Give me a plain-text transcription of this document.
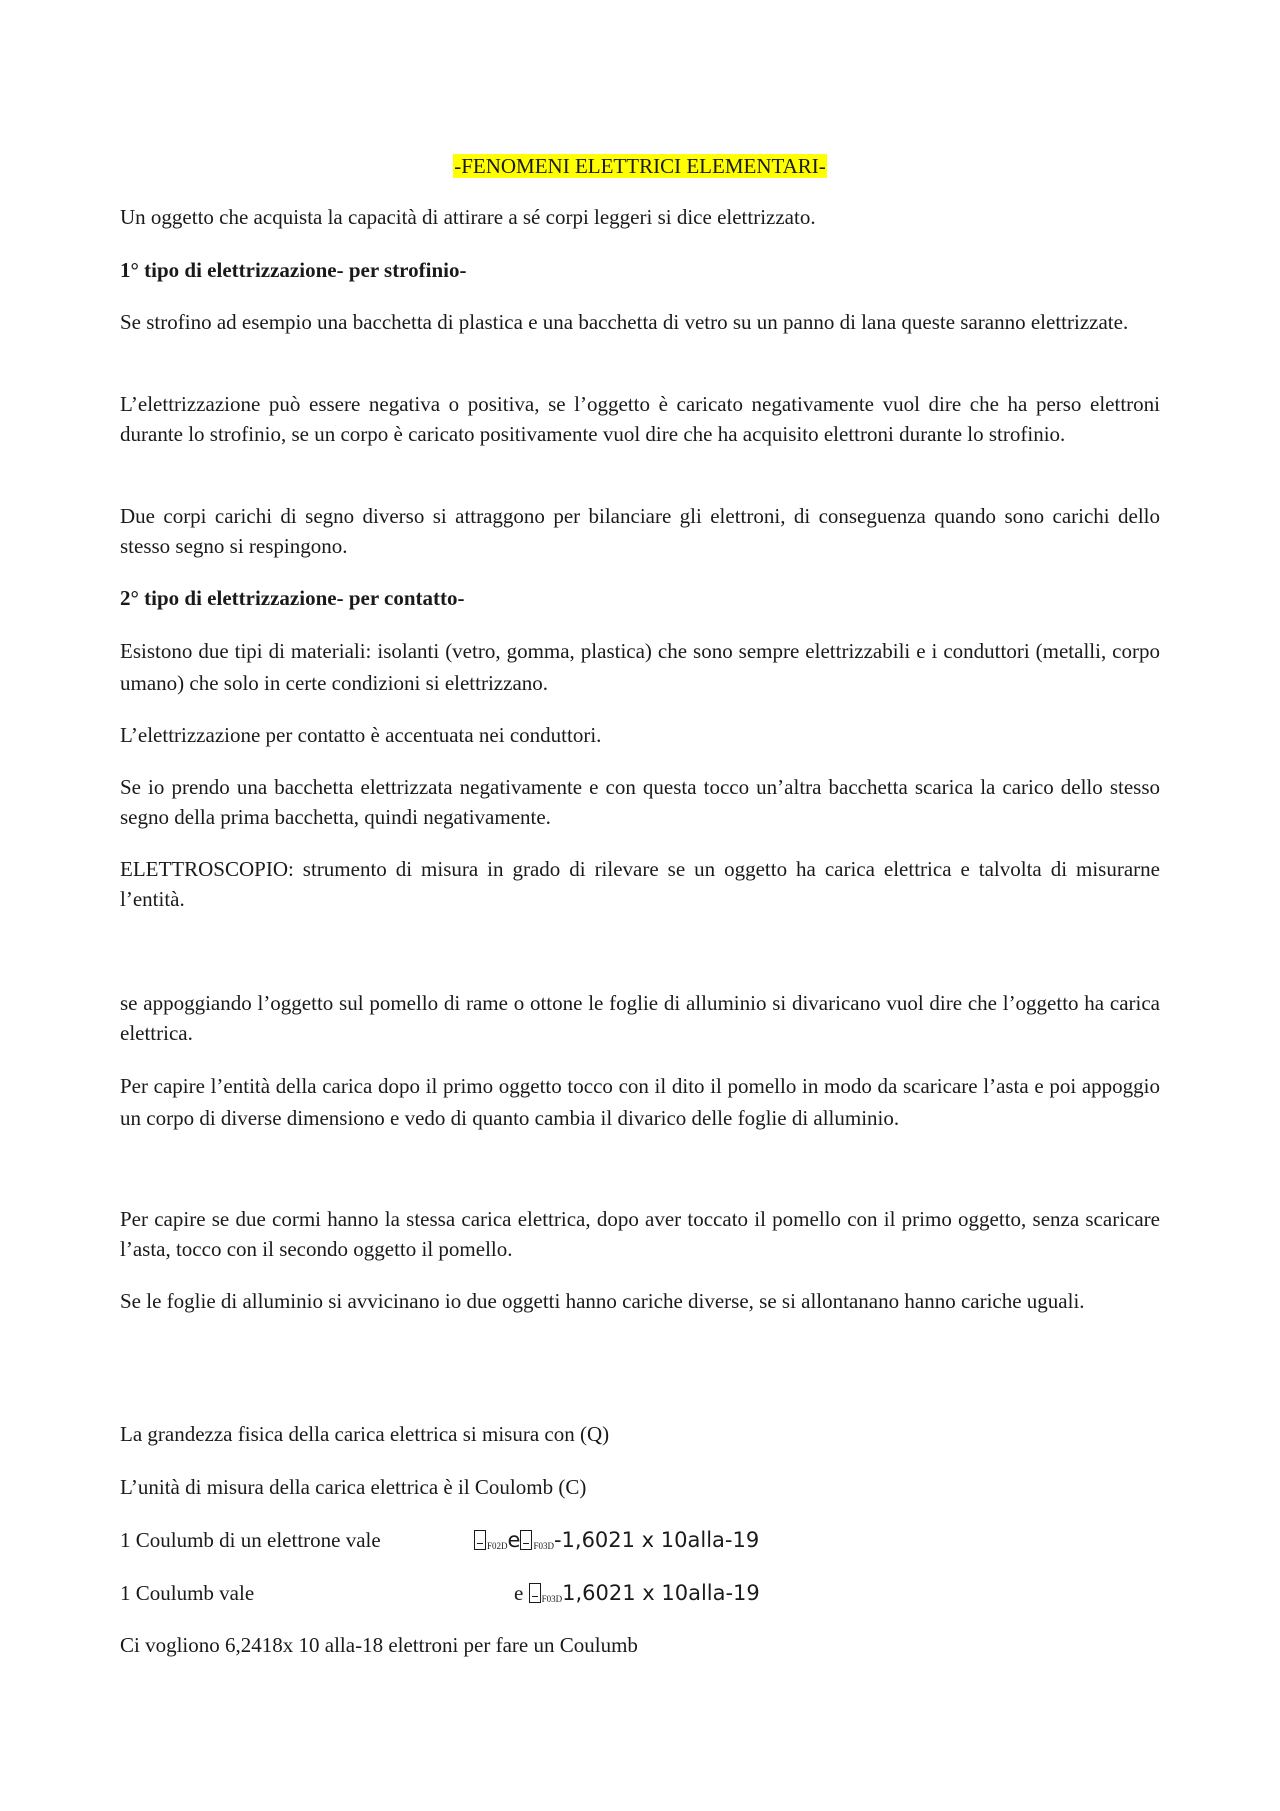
-FENOMENI ELETTRICI ELEMENTARI-

Un oggetto che acquista la capacità di attirare a sé corpi leggeri si dice elettrizzato.

1° tipo di elettrizzazione- per strofinio-

Se strofino ad esempio una bacchetta di plastica e una bacchetta di vetro su un panno di lana queste saranno elettrizzate.

L’elettrizzazione può essere negativa o positiva, se l’oggetto è caricato negativamente vuol dire che ha perso elettroni durante lo strofinio, se un corpo è caricato positivamente vuol dire che ha acquisito elettroni durante lo strofinio.

Due corpi carichi di segno diverso si attraggono per bilanciare gli elettroni, di conseguenza quando sono carichi dello stesso segno si respingono.

2° tipo di elettrizzazione- per contatto-

Esistono due tipi di materiali: isolanti (vetro, gomma, plastica) che sono sempre elettrizzabili e i conduttori (metalli, corpo umano) che solo in certe condizioni si elettrizzano.

L’elettrizzazione per contatto è accentuata nei conduttori.

Se io prendo una bacchetta elettrizzata negativamente e con questa tocco un’altra bacchetta scarica la carico dello stesso segno della prima bacchetta, quindi negativamente.

ELETTROSCOPIO: strumento di misura in grado di rilevare se un oggetto ha carica elettrica e talvolta di misurarne l’entità.

se appoggiando l’oggetto sul pomello di rame o ottone le foglie di alluminio si divaricano vuol dire che l’oggetto ha carica elettrica.

Per capire l’entità della carica dopo il primo oggetto tocco con il dito il pomello in modo da scaricare l’asta e poi appoggio un corpo di diverse dimensiono e vedo di quanto cambia il divarico delle foglie di alluminio.

Per capire se due cormi hanno la stessa carica elettrica, dopo aver toccato il pomello con il primo oggetto, senza scaricare l’asta, tocco con il secondo oggetto il pomello.

Se le foglie di alluminio si avvicinano io due oggetti hanno cariche diverse, se si allontanano hanno cariche uguali.

La grandezza fisica della carica elettrica si misura con (Q)

L’unità di misura della carica elettrica è il Coulomb (C)

1 Coulumb di un elettrone vale	F02De F03D-1,6021 x 10alla-19
1 Coulumb vale	e F03D1,6021 x 10alla-19

Ci vogliono 6,2418x 10 alla-18 elettroni per fare un Coulumb
